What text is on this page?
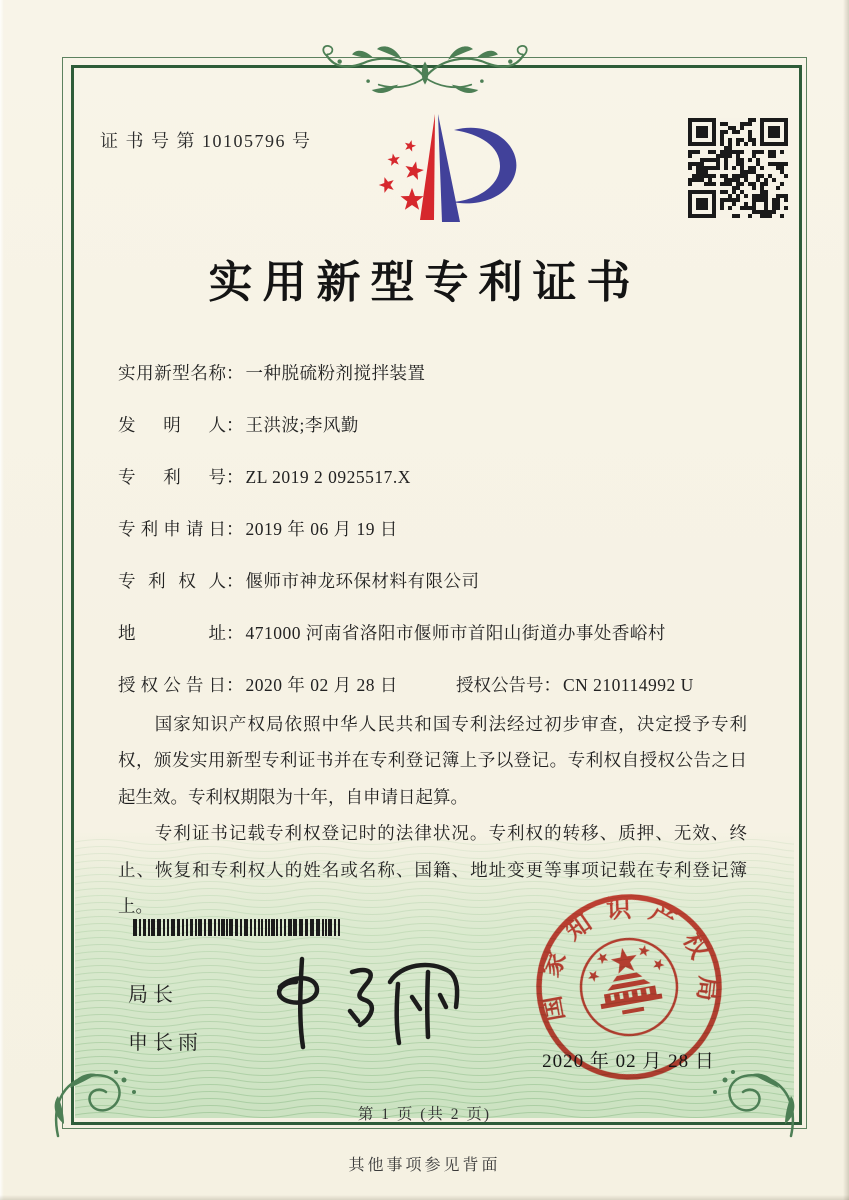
证 书 号 第 10105796 号
实用新型专利证书
实用新型名称： 一种脱硫粉剂搅拌装置
发明人： 王洪波;李风勤
专利号： ZL 2019 2 0925517.X
专利申请日： 2019 年 06 月 19 日
专利权人： 偃师市神龙环保材料有限公司
地址： 471000 河南省洛阳市偃师市首阳山街道办事处香峪村
授权公告日： 2020 年 02 月 28 日	授权公告号： CN 210114992 U

国家知识产权局依照中华人民共和国专利法经过初步审查，决定授予专利权，颁发实用新型专利证书并在专利登记簿上予以登记。专利权自授权公告之日起生效。专利权期限为十年，自申请日起算。

专利证书记载专利权登记时的法律状况。专利权的转移、质押、无效、终止、恢复和专利权人的姓名或名称、国籍、地址变更等事项记载在专利登记簿上。

局长
申长雨
国家知识产权局
2020 年 02 月 28 日
第 1 页 (共 2 页)
其他事项参见背面
